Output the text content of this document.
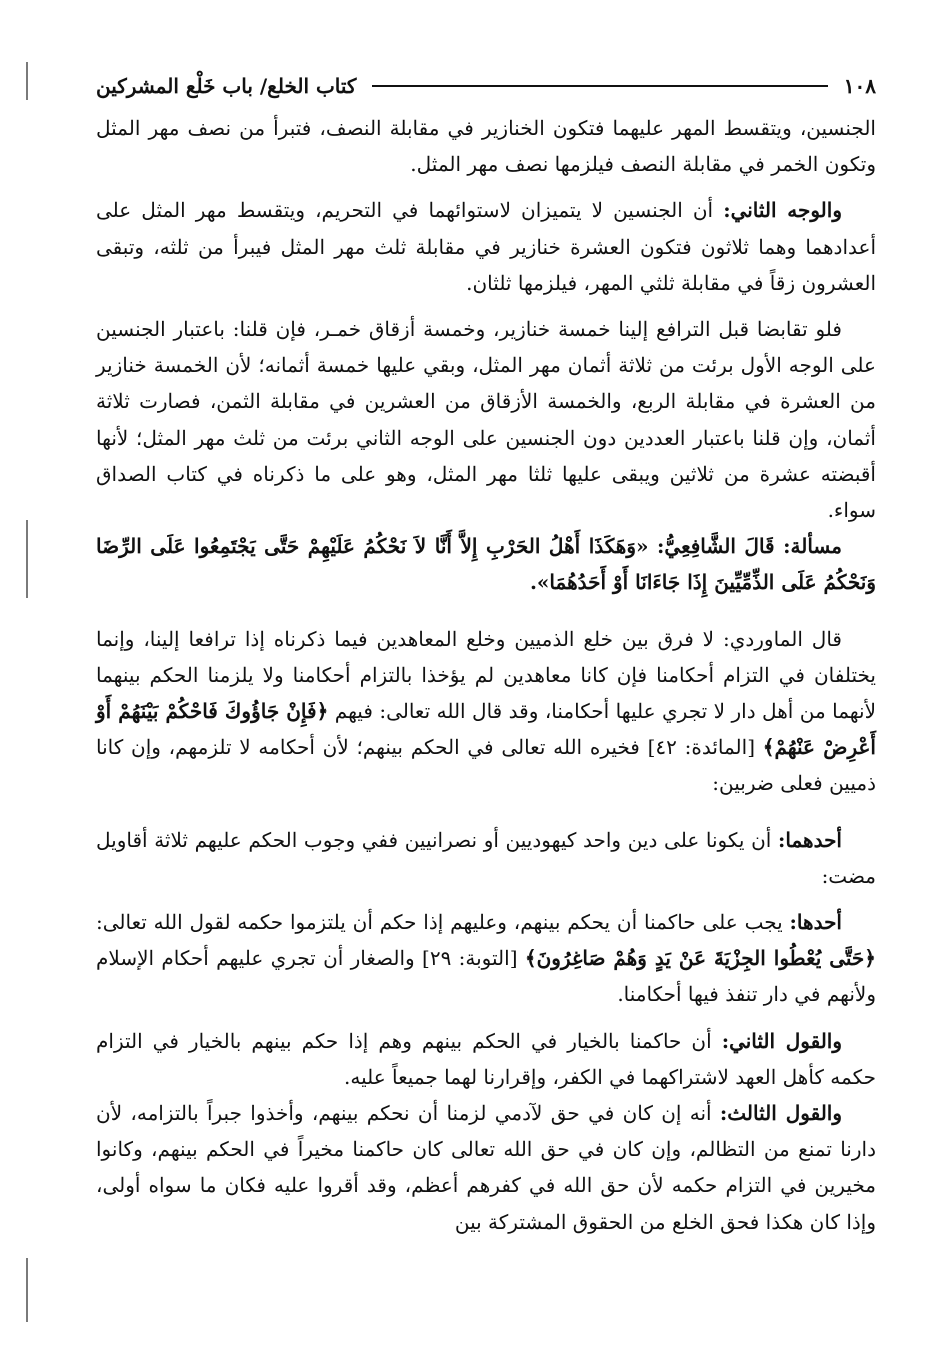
١٠٨
كتاب الخلع/ باب خَلْع المشركين

الجنسين، ويتقسط المهر عليهما فتكون الخنازير في مقابلة النصف، فتبرأ من نصف مهر المثل وتكون الخمر في مقابلة النصف فيلزمها نصف مهر المثل.

والوجه الثاني: أن الجنسين لا يتميزان لاستوائهما في التحريم، ويتقسط مهر المثل على أعدادهما وهما ثلاثون فتكون العشرة خنازير في مقابلة ثلث مهر المثل فيبرأ من ثلثه، وتبقى العشرون زقاً في مقابلة ثلثي المهر، فيلزمها ثلثان.

فلو تقابضا قبل الترافع إلينا خمسة خنازير، وخمسة أزقاق خمـر، فإن قلنا: باعتبار الجنسين على الوجه الأول برئت من ثلاثة أثمان مهر المثل، وبقي عليها خمسة أثمانه؛ لأن الخمسة خنازير من العشرة في مقابلة الربع، والخمسة الأزقاق من العشرين في مقابلة الثمن، فصارت ثلاثة أثمان، وإن قلنا باعتبار العددين دون الجنسين على الوجه الثاني برئت من ثلث مهر المثل؛ لأنها أقبضته عشرة من ثلاثين ويبقى عليها ثلثا مهر المثل، وهو على ما ذكرناه في كتاب الصداق سواء.

مسألة: قَالَ الشَّافِعِيُّ: «وَهَكَذَا أَهْلُ الحَرْبِ إِلاَّ أَنَّا لاَ نَحْكُمُ عَلَيْهِمْ حَتَّى يَجْتَمِعُوا عَلَى الرِّضَا وَنَحْكُمُ عَلَى الذِّمِّيِّينَ إِذَا جَاءَانَا أَوْ أَحَدُهُمَا».

قال الماوردي: لا فرق بين خلع الذميين وخلع المعاهدين فيما ذكرناه إذا ترافعا إلينا، وإنما يختلفان في التزام أحكامنا فإن كانا معاهدين لم يؤخذا بالتزام أحكامنا ولا يلزمنا الحكم بينهما لأنهما من أهل دار لا تجري عليها أحكامنا، وقد قال الله تعالى: فيهم ﴿فَإِنْ جَاؤُوكَ فَاحْكُمْ بَيْنَهُمْ أَوْ أَعْرِضْ عَنْهُمْ﴾ [المائدة: ٤٢] فخيره الله تعالى في الحكم بينهم؛ لأن أحكامه لا تلزمهم، وإن كانا ذميين فعلى ضربين:

أحدهما: أن يكونا على دين واحد كيهوديين أو نصرانيين ففي وجوب الحكم عليهم ثلاثة أقاويل مضت:

أحدها: يجب على حاكمنا أن يحكم بينهم، وعليهم إذا حكم أن يلتزموا حكمه لقول الله تعالى: ﴿حَتَّى يُعْطُوا الجِزْيَةَ عَنْ يَدٍ وَهُمْ صَاغِرُونَ﴾ [التوبة: ٢٩] والصغار أن تجري عليهم أحكام الإسلام ولأنهم في دار تنفذ فيها أحكامنا.

والقول الثاني: أن حاكمنا بالخيار في الحكم بينهم وهم إذا حكم بينهم بالخيار في التزام حكمه كأهل العهد لاشتراكهما في الكفر، وإقرارنا لهما جميعاً عليه.

والقول الثالث: أنه إن كان في حق لآدمي لزمنا أن نحكم بينهم، وأخذوا جبراً بالتزامه، لأن دارنا تمنع من التظالم، وإن كان في حق الله تعالى كان حاكمنا مخيراً في الحكم بينهم، وكانوا مخيرين في التزام حكمه لأن حق الله في كفرهم أعظم، وقد أقروا عليه فكان ما سواه أولى، وإذا كان هكذا فحق الخلع من الحقوق المشتركة بين
